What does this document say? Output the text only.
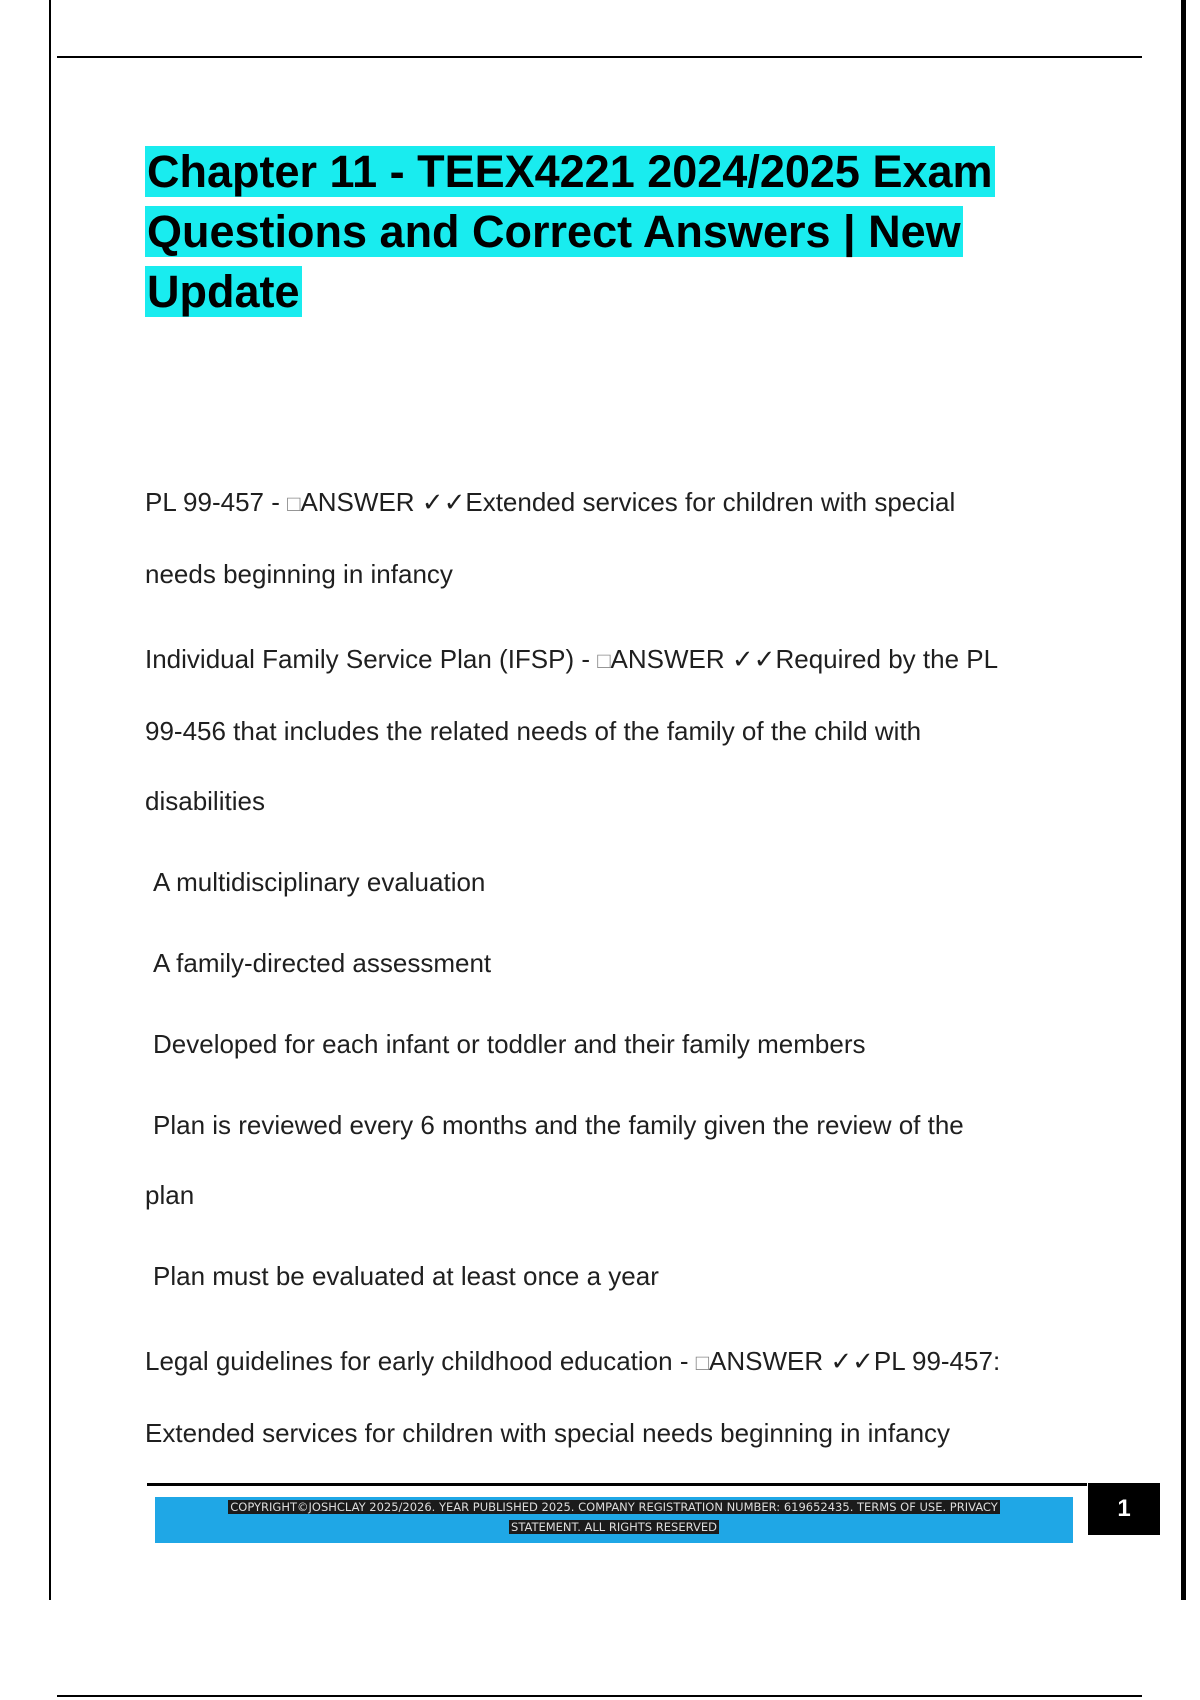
Chapter 11 - TEEX4221 2024/2025 Exam Questions and Correct Answers | New Update

PL 99-457 - □ANSWER ✓✓Extended services for children with special
needs beginning in infancy

Individual Family Service Plan (IFSP) - □ANSWER ✓✓Required by the PL
99-456 that includes the related needs of the family of the child with
disabilities

A multidisciplinary evaluation

A family-directed assessment

Developed for each infant or toddler and their family members

Plan is reviewed every 6 months and the family given the review of the
plan

Plan must be evaluated at least once a year

Legal guidelines for early childhood education - □ANSWER ✓✓PL 99-457:
Extended services for children with special needs beginning in infancy

COPYRIGHT©JOSHCLAY 2025/2026. YEAR PUBLISHED 2025. COMPANY REGISTRATION NUMBER: 619652435. TERMS OF USE. PRIVACY
STATEMENT. ALL RIGHTS RESERVED
1
